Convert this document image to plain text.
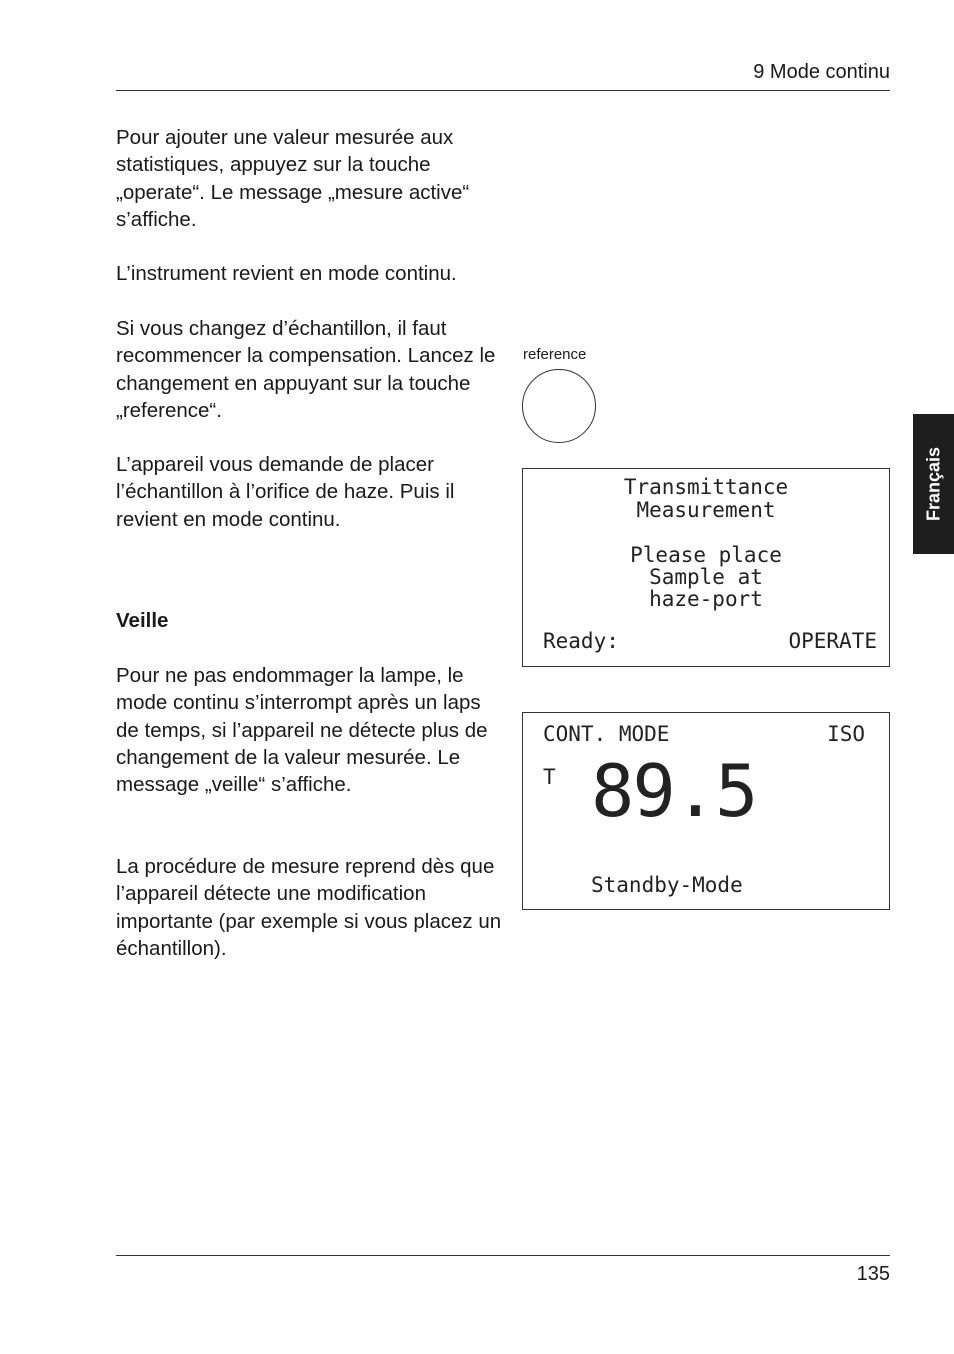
9 Mode continu

Pour ajouter une valeur mesurée aux statistiques, appuyez sur la touche „operate“. Le message „mesure active“ s’affiche.

L’instrument revient en mode continu.

Si vous changez d’échantillon, il faut recommencer la compensation. Lancez le changement en appuyant sur la touche „reference“.

L’appareil vous demande de placer l’échantillon à l’orifice de haze. Puis il revient en mode continu.

Veille

Pour ne pas endommager la lampe, le mode continu s’interrompt après un laps de temps, si l’appareil ne détecte plus de changement de la valeur mesurée. Le message „veille“ s’affiche.

La procédure de mesure reprend dès que l’appareil détecte une modification importante (par exemple si vous placez un échantillon).

Français
reference
Transmittance
Measurement
Please place
Sample at
haze-port
Ready:	OPERATE
CONT. MODE	ISO
T 89.5
Standby-Mode
135
